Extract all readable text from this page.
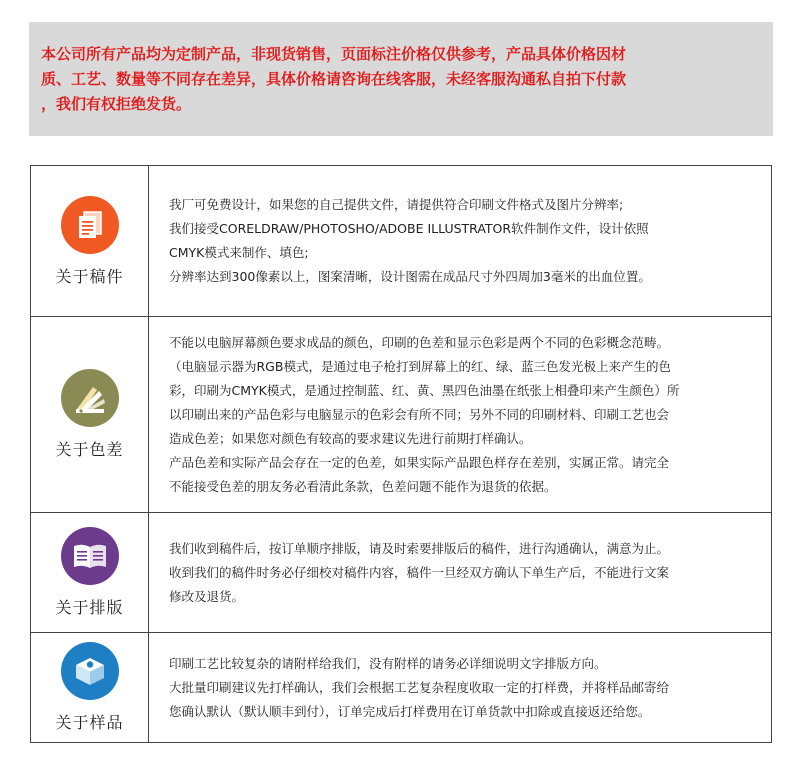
本公司所有产品均为定制产品，非现货销售，页面标注价格仅供参考，产品具体价格因材
质、工艺、数量等不同存在差异，具体价格请咨询在线客服，未经客服沟通私自拍下付款
，我们有权拒绝发货。
关于稿件

我厂可免费设计，如果您的自己提供文件，请提供符合印刷文件格式及图片分辨率;

我们接受CORELDRAW/PHOTOSHO/ADOBE ILLUSTRATOR软件制作文件，设计依照

CMYK模式来制作、填色;

分辨率达到300像素以上，图案清晰，设计图需在成品尺寸外四周加3毫米的出血位置。

关于色差

不能以电脑屏幕颜色要求成品的颜色，印刷的色差和显示色彩是两个不同的色彩概念范畴。

（电脑显示器为RGB模式，是通过电子枪打到屏幕上的红、绿、蓝三色发光极上来产生的色

彩，印刷为CMYK模式，是通过控制蓝、红、黄、黑四色油墨在纸张上相叠印来产生颜色）所

以印刷出来的产品色彩与电脑显示的色彩会有所不同；另外不同的印刷材料、印刷工艺也会

造成色差；如果您对颜色有较高的要求建议先进行前期打样确认。

产品色差和实际产品会存在一定的色差，如果实际产品跟色样存在差别，实属正常。请完全

不能接受色差的朋友务必看清此条款，色差问题不能作为退货的依据。

关于排版

我们收到稿件后，按订单顺序排版，请及时索要排版后的稿件，进行沟通确认，满意为止。

收到我们的稿件时务必仔细校对稿件内容，稿件一旦经双方确认下单生产后，不能进行文案

修改及退货。

关于样品

印刷工艺比较复杂的请附样给我们，没有附样的请务必详细说明文字排版方向。

大批量印刷建议先打样确认，我们会根据工艺复杂程度收取一定的打样费，并将样品邮寄给

您确认默认（默认顺丰到付），订单完成后打样费用在订单货款中扣除或直接返还给您。
